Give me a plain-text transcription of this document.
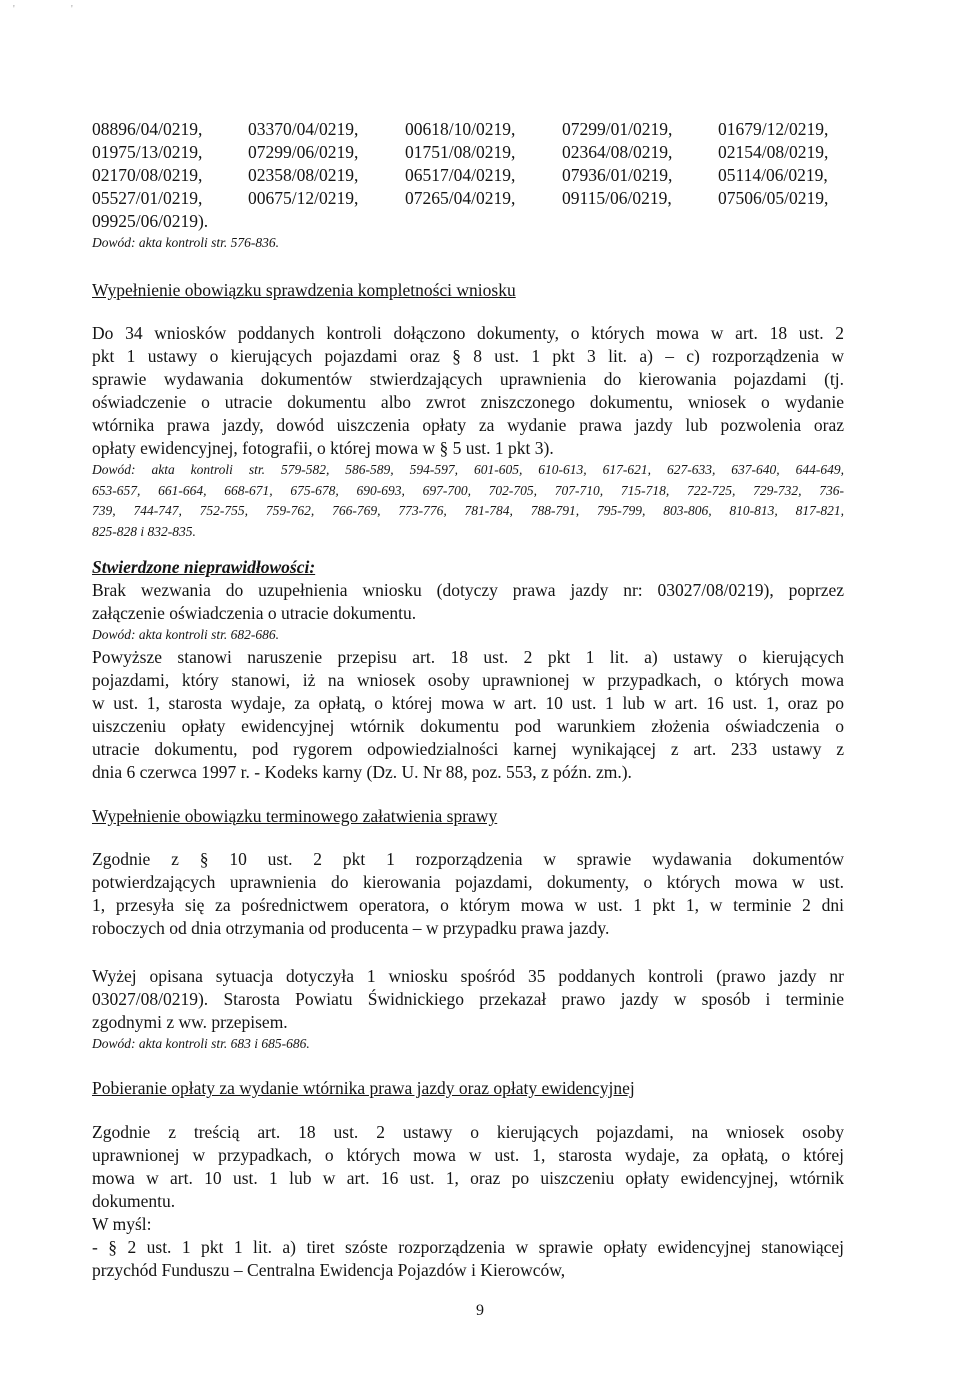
'	'
08896/04/0219,	03370/04/0219,	00618/10/0219,	07299/01/0219,	01679/12/0219,
01975/13/0219,	07299/06/0219,	01751/08/0219,	02364/08/0219,	02154/08/0219,
02170/08/0219,	02358/08/0219,	06517/04/0219,	07936/01/0219,	05114/06/0219,
05527/01/0219,	00675/12/0219,	07265/04/0219,	09115/06/0219,	07506/05/0219,
09925/06/0219).
Dowód: akta kontroli str. 576-836.
Wypełnienie obowiązku sprawdzenia kompletności wniosku
Do 34 wniosków poddanych kontroli dołączono dokumenty, o których mowa w art. 18 ust. 2
pkt 1 ustawy o kierujących pojazdami oraz § 8 ust. 1 pkt 3 lit. a) – c) rozporządzenia w
sprawie wydawania dokumentów stwierdzających uprawnienia do kierowania pojazdami (tj.
oświadczenie o utracie dokumentu albo zwrot zniszczonego dokumentu, wniosek o wydanie
wtórnika prawa jazdy, dowód uiszczenia opłaty za wydanie prawa jazdy lub pozwolenia oraz
opłaty ewidencyjnej, fotografii, o której mowa w § 5 ust. 1 pkt 3).
Dowód: akta kontroli str. 579-582, 586-589, 594-597, 601-605, 610-613, 617-621, 627-633, 637-640, 644-649,
653-657, 661-664, 668-671, 675-678, 690-693, 697-700, 702-705, 707-710, 715-718, 722-725, 729-732, 736-
739, 744-747, 752-755, 759-762, 766-769, 773-776, 781-784, 788-791, 795-799, 803-806, 810-813, 817-821,
825-828 i 832-835.
Stwierdzone nieprawidłowości:
Brak wezwania do uzupełnienia wniosku (dotyczy prawa jazdy nr: 03027/08/0219), poprzez
załączenie oświadczenia o utracie dokumentu.
Dowód: akta kontroli str. 682-686.
Powyższe stanowi naruszenie przepisu art. 18 ust. 2 pkt 1 lit. a) ustawy o kierujących
pojazdami, który stanowi, iż na wniosek osoby uprawnionej w przypadkach, o których mowa
w ust. 1, starosta wydaje, za opłatą, o której mowa w art. 10 ust. 1 lub w art. 16 ust. 1, oraz po
uiszczeniu opłaty ewidencyjnej wtórnik dokumentu pod warunkiem złożenia oświadczenia o
utracie dokumentu, pod rygorem odpowiedzialności karnej wynikającej z art. 233 ustawy z
dnia 6 czerwca 1997 r. - Kodeks karny (Dz. U. Nr 88, poz. 553, z późn. zm.).
Wypełnienie obowiązku terminowego załatwienia sprawy
Zgodnie z § 10 ust. 2 pkt 1 rozporządzenia w sprawie wydawania dokumentów
potwierdzających uprawnienia do kierowania pojazdami, dokumenty, o których mowa w ust.
1, przesyła się za pośrednictwem operatora, o którym mowa w ust. 1 pkt 1, w terminie 2 dni
roboczych od dnia otrzymania od producenta – w przypadku prawa jazdy.
Wyżej opisana sytuacja dotyczyła 1 wniosku spośród 35 poddanych kontroli (prawo jazdy nr
03027/08/0219). Starosta Powiatu Świdnickiego przekazał prawo jazdy w sposób i terminie
zgodnymi z ww. przepisem.
Dowód: akta kontroli str. 683 i 685-686.
Pobieranie opłaty za wydanie wtórnika prawa jazdy oraz opłaty ewidencyjnej
Zgodnie z treścią art. 18 ust. 2 ustawy o kierujących pojazdami, na wniosek osoby
uprawnionej w przypadkach, o których mowa w ust. 1, starosta wydaje, za opłatą, o której
mowa w art. 10 ust. 1 lub w art. 16 ust. 1, oraz po uiszczeniu opłaty ewidencyjnej, wtórnik
dokumentu.
W myśl:
- § 2 ust. 1 pkt 1 lit. a) tiret szóste rozporządzenia w sprawie opłaty ewidencyjnej stanowiącej
przychód Funduszu – Centralna Ewidencja Pojazdów i Kierowców,
9
